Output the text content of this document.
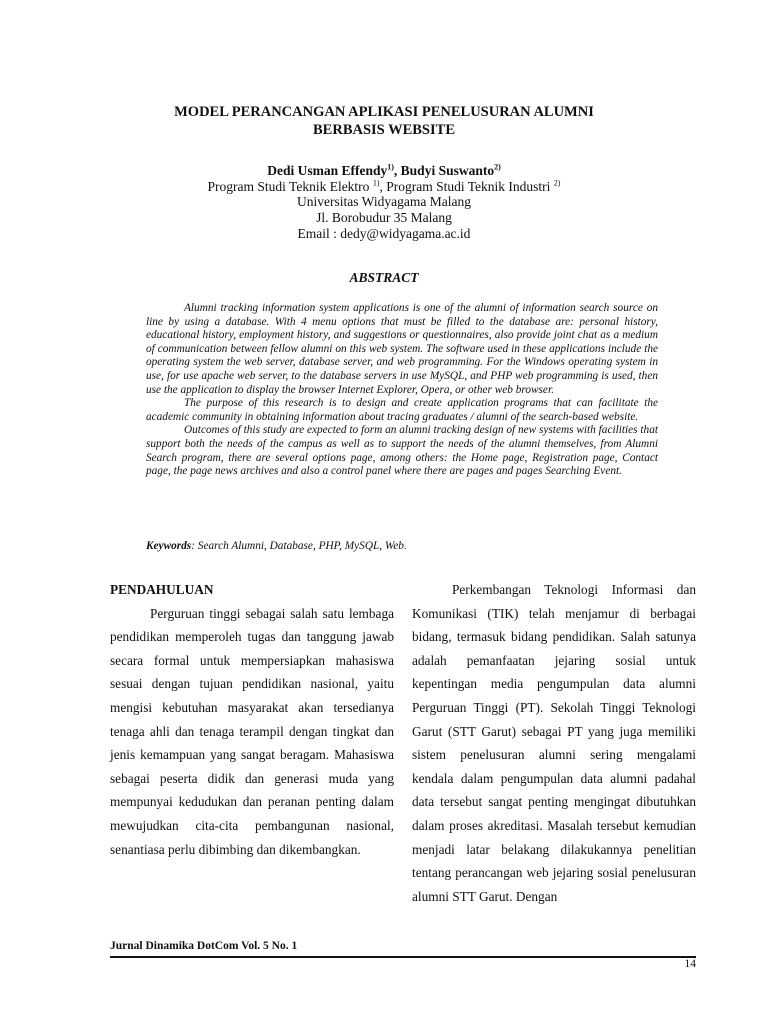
MODEL PERANCANGAN APLIKASI PENELUSURAN ALUMNI
BERBASIS WEBSITE
Dedi Usman Effendy$^{1)}$, Budyi Suswanto$^{2)}$
Program Studi Teknik Elektro $^{1)}$, Program Studi Teknik Industri $^{2)}$
Universitas Widyagama Malang
Jl. Borobudur 35 Malang
Email : dedy@widyagama.ac.id
ABSTRACT

Alumni tracking information system applications is one of the alumni of information search source on line by using a database. With 4 menu options that must be filled to the database are: personal history, educational history, employment history, and suggestions or questionnaires, also provide joint chat as a medium of communication between fellow alumni on this web system. The software used in these applications include the operating system the web server, database server, and web programming. For the Windows operating system in use, for use apache web server, to the database servers in use MySQL, and PHP web programming is used, then use the application to display the browser Internet Explorer, Opera, or other web browser.

The purpose of this research is to design and create application programs that can facilitate the academic community in obtaining information about tracing graduates / alumni of the search-based website.

Outcomes of this study are expected to form an alumni tracking design of new systems with facilities that support both the needs of the campus as well as to support the needs of the alumni themselves, from Alumni Search program, there are several options page, among others: the Home page, Registration page, Contact page, the page news archives and also a control panel where there are pages and pages Searching Event.

Keywords: Search Alumni, Database, PHP, MySQL, Web.
PENDAHULUAN

Perguruan tinggi sebagai salah satu lembaga pendidikan memperoleh tugas dan tanggung jawab secara formal untuk mempersiapkan mahasiswa sesuai dengan tujuan pendidikan nasional, yaitu mengisi kebutuhan masyarakat akan tersedianya tenaga ahli dan tenaga terampil dengan tingkat dan jenis kemampuan yang sangat beragam. Mahasiswa sebagai peserta didik dan generasi muda yang mempunyai kedudukan dan peranan penting dalam mewujudkan cita-cita pembangunan nasional, senantiasa perlu dibimbing dan dikembangkan.

Perkembangan Teknologi Informasi dan Komunikasi (TIK) telah menjamur di berbagai bidang, termasuk bidang pendidikan. Salah satunya adalah pemanfaatan jejaring sosial untuk kepentingan media pengumpulan data alumni Perguruan Tinggi (PT). Sekolah Tinggi Teknologi Garut (STT Garut) sebagai PT yang juga memiliki sistem penelusuran alumni sering mengalami kendala dalam pengumpulan data alumni padahal data tersebut sangat penting mengingat dibutuhkan dalam proses akreditasi. Masalah tersebut kemudian menjadi latar belakang dilakukannya penelitian tentang perancangan web jejaring sosial penelusuran alumni STT Garut. Dengan

Jurnal Dinamika DotCom Vol. 5 No. 1
14
